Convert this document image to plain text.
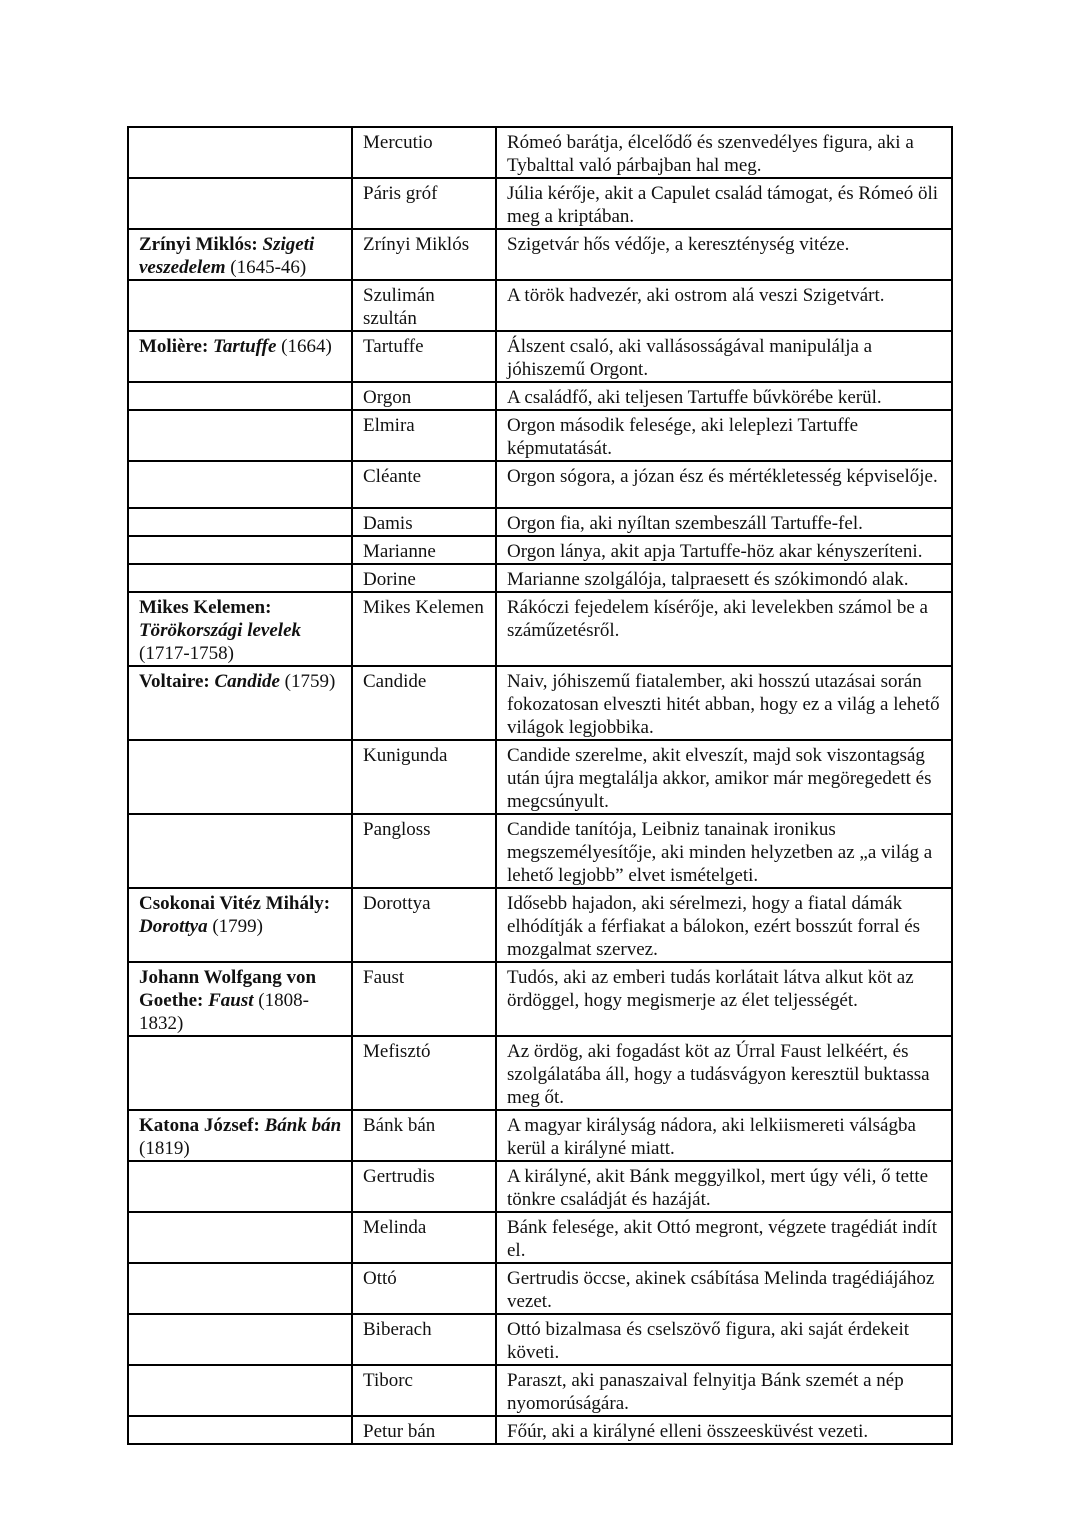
	Mercutio	Rómeó barátja, élcelődő és szenvedélyes figura, aki a Tybalttal való párbajban hal meg.
	Páris gróf	Júlia kérője, akit a Capulet család támogat, és Rómeó öli meg a kriptában.
Zrínyi Miklós: Szigeti veszedelem (1645-46)	Zrínyi Miklós	Szigetvár hős védője, a kereszténység vitéze.
	Szulimán szultán	A török hadvezér, aki ostrom alá veszi Szigetvárt.
Molière: Tartuffe (1664)	Tartuffe	Álszent csaló, aki vallásosságával manipulálja a jóhiszemű Orgont.
	Orgon	A családfő, aki teljesen Tartuffe bűvkörébe kerül.
	Elmira	Orgon második felesége, aki leleplezi Tartuffe képmutatását.
	Cléante	Orgon sógora, a józan ész és mértékletesség képviselője.
	Damis	Orgon fia, aki nyíltan szembeszáll Tartuffe-fel.
	Marianne	Orgon lánya, akit apja Tartuffe-höz akar kényszeríteni.
	Dorine	Marianne szolgálója, talpraesett és szókimondó alak.
Mikes Kelemen: Törökországi levelek (1717-1758)	Mikes Kelemen	Rákóczi fejedelem kísérője, aki levelekben számol be a száműzetésről.
Voltaire: Candide (1759)	Candide	Naiv, jóhiszemű fiatalember, aki hosszú utazásai során fokozatosan elveszti hitét abban, hogy ez a világ a lehető világok legjobbika.
	Kunigunda	Candide szerelme, akit elveszít, majd sok viszontagság után újra megtalálja akkor, amikor már megöregedett és megcsúnyult.
	Pangloss	Candide tanítója, Leibniz tanainak ironikus megszemélyesítője, aki minden helyzetben az „a világ a lehető legjobb” elvet ismételgeti.
Csokonai Vitéz Mihály: Dorottya (1799)	Dorottya	Idősebb hajadon, aki sérelmezi, hogy a fiatal dámák elhódítják a férfiakat a bálokon, ezért bosszút forral és mozgalmat szervez.
Johann Wolfgang von Goethe: Faust (1808-1832)	Faust	Tudós, aki az emberi tudás korlátait látva alkut köt az ördöggel, hogy megismerje az élet teljességét.
	Mefisztó	Az ördög, aki fogadást köt az Úrral Faust lelkéért, és szolgálatába áll, hogy a tudásvágyon keresztül buktassa meg őt.
Katona József: Bánk bán (1819)	Bánk bán	A magyar királyság nádora, aki lelkiismereti válságba kerül a királyné miatt.
	Gertrudis	A királyné, akit Bánk meggyilkol, mert úgy véli, ő tette tönkre családját és hazáját.
	Melinda	Bánk felesége, akit Ottó megront, végzete tragédiát indít el.
	Ottó	Gertrudis öccse, akinek csábítása Melinda tragédiájához vezet.
	Biberach	Ottó bizalmasa és cselszövő figura, aki saját érdekeit követi.
	Tiborc	Paraszt, aki panaszaival felnyitja Bánk szemét a nép nyomorúságára.
	Petur bán	Főúr, aki a királyné elleni összeesküvést vezeti.
